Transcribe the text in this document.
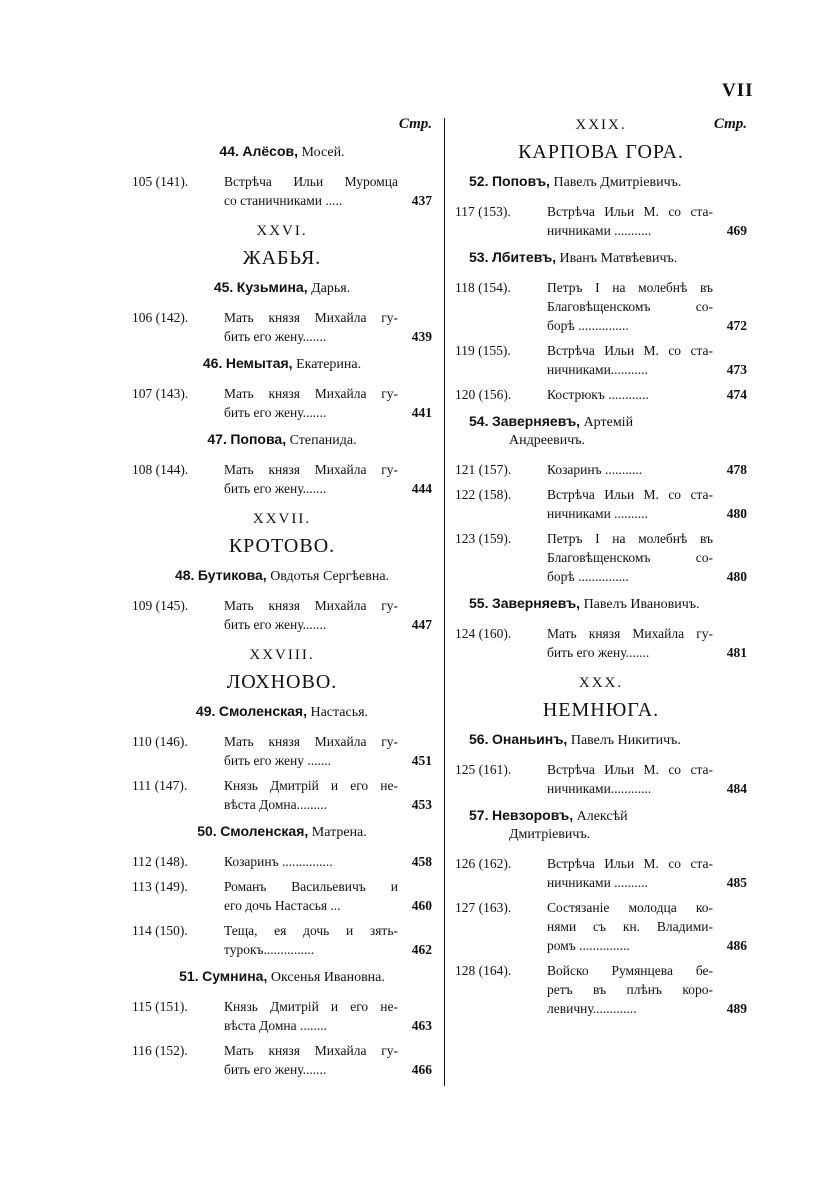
VII
Стр.
44. Алёсов, Мосей.
105 (141).	Встрѣча Ильи Муромца
со станичниками .....	437
XXVI.
ЖАБЬЯ.
45. Кузьмина, Дарья.
106 (142).	Мать князя Михайла гу-
бить его жену.......	439
46. Немытая, Екатерина.
107 (143).	Мать князя Михайла гу-
бить его жену.......	441
47. Попова, Степанида.
108 (144).	Мать князя Михайла гу-
бить его жену.......	444
XXVII.
КРОТОВО.
48. Бутикова, Овдотья Сергѣевна.
109 (145).	Мать князя Михайла гу-
бить его жену.......	447
XXVIII.
ЛОХНОВО.
49. Смоленская, Настасья.
110 (146).	Мать князя Михайла гу-
бить его жену .......	451
111 (147).	Князь Дмитрій и его не-
вѣста Домна.........	453
50. Смоленская, Матрена.
112 (148).	Козаринъ ...............	458
113 (149).	Романъ Васильевичъ и
его дочь Настасья ...	460
114 (150).	Теща, ея дочь и зять-
турокъ...............	462
51. Сумнина, Оксенья Ивановна.
115 (151).	Князь Дмитрій и его не-
вѣста Домна ........	463
116 (152).	Мать князя Михайла гу-
бить его жену.......	466
Стр.
XXIX.
КАРПОВА ГОРА.
52. Поповъ, Павелъ Дмитріевичъ.
117 (153).	Встрѣча Ильи М. со ста-
ничниками ...........	469
53. Лбитевъ, Иванъ Матвѣевичъ.
118 (154).	Петръ I на молебнѣ въ
Благовѣщенскомъ со-
борѣ ...............	472
119 (155).	Встрѣча Ильи М. со ста-
ничниками...........	473
120 (156).	Кострюкъ ............	474
54. Заверняевъ, Артемій
Андреевичъ.
121 (157).	Козаринъ ...........	478
122 (158).	Встрѣча Ильи М. со ста-
ничниками ..........	480
123 (159).	Петръ I на молебнѣ въ
Благовѣщенскомъ со-
борѣ ...............	480
55. Заверняевъ, Павелъ Ивановичъ.
124 (160).	Мать князя Михайла гу-
бить его жену.......	481
XXX.
НЕМНЮГА.
56. Онаньинъ, Павелъ Никитичъ.
125 (161).	Встрѣча Ильи М. со ста-
ничниками............	484
57. Невзоровъ, Алексѣй
Дмитріевичъ.
126 (162).	Встрѣча Ильи М. со ста-
ничниками ..........	485
127 (163).	Состязаніе молодца ко-
нями съ кн. Владими-
ромъ ...............	486
128 (164).	Войско Румянцева бе-
ретъ въ плѣнъ коро-
левичну.............	489
